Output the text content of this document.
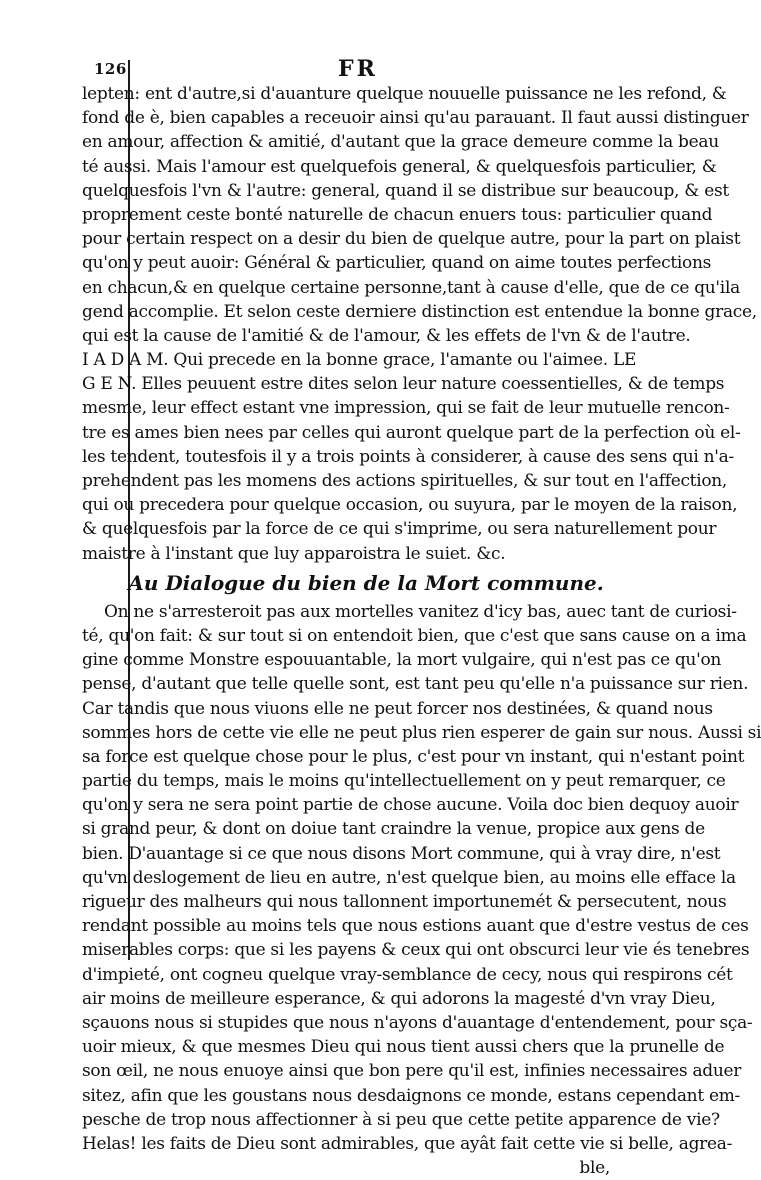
126	FR
lepten: ent d'autre,si d'auanture quelque nouuelle puissance ne les refond, &
fond de è, bien capables a receuoir ainsi qu'au parauant. Il faut aussi distinguer
en amour, affection & amitié, d'autant que la grace demeure comme la beau
té aussi. Mais l'amour est quelquefois general, & quelquesfois particulier, &
quelquesfois l'vn & l'autre: general, quand il se distribue sur beaucoup, & est
proprement ceste bonté naturelle de chacun enuers tous: particulier quand
pour certain respect on a desir du bien de quelque autre, pour la part on plaist
qu'on y peut auoir: Général & particulier, quand on aime toutes perfections
en chacun,& en quelque certaine personne,tant à cause d'elle, que de ce qu'ila
gend accomplie. Et selon ceste derniere distinction est entendue la bonne grace,
qui est la cause de l'amitié & de l'amour, & les effets de l'vn & de l'autre.
I A D A M. Qui precede en la bonne grace, l'amante ou l'aimee. LE
G E N. Elles peuuent estre dites selon leur nature coessentielles, & de temps
mesme, leur effect estant vne impression, qui se fait de leur mutuelle rencon-
tre es ames bien nees par celles qui auront quelque part de la perfection où el-
les tendent, toutesfois il y a trois points à considerer, à cause des sens qui n'a-
prehendent pas les momens des actions spirituelles, & sur tout en l'affection,
qui ou precedera pour quelque occasion, ou suyura, par le moyen de la raison,
& quelquesfois par la force de ce qui s'imprime, ou sera naturellement pour
maistre à l'instant que luy apparoistra le suiet. &c.
Au Dialogue du bien de la Mort commune.
On ne s'arresteroit pas aux mortelles vanitez d'icy bas, auec tant de curiosi-
té, qu'on fait: & sur tout si on entendoit bien, que c'est que sans cause on a ima
gine comme Monstre espouuantable, la mort vulgaire, qui n'est pas ce qu'on
pense, d'autant que telle quelle sont, est tant peu qu'elle n'a puissance sur rien.
Car tandis que nous viuons elle ne peut forcer nos destinées, & quand nous
sommes hors de cette vie elle ne peut plus rien esperer de gain sur nous. Aussi si
sa force est quelque chose pour le plus, c'est pour vn instant, qui n'estant point
partie du temps, mais le moins qu'intellectuellement on y peut remarquer, ce
qu'on y sera ne sera point partie de chose aucune. Voila doc bien dequoy auoir
si grand peur, & dont on doiue tant craindre la venue, propice aux gens de
bien. D'auantage si ce que nous disons Mort commune, qui à vray dire, n'est
qu'vn deslogement de lieu en autre, n'est quelque bien, au moins elle efface la
rigueur des malheurs qui nous tallonnent importunemét & persecutent, nous
rendant possible au moins tels que nous estions auant que d'estre vestus de ces
miserables corps: que si les payens & ceux qui ont obscurci leur vie és tenebres
d'impieté, ont cogneu quelque vray-semblance de cecy, nous qui respirons cét
air moins de meilleure esperance, & qui adorons la magesté d'vn vray Dieu,
sçauons nous si stupides que nous n'ayons d'auantage d'entendement, pour sça-
uoir mieux, & que mesmes Dieu qui nous tient aussi chers que la prunelle de
son œil, ne nous enuoye ainsi que bon pere qu'il est, infinies necessaires aduer
sitez, afin que les goustans nous desdaignons ce monde, estans cependant em-
pesche de trop nous affectionner à si peu que cette petite apparence de vie?
Helas! les faits de Dieu sont admirables, que ayât fait cette vie si belle, agrea-
ble,
